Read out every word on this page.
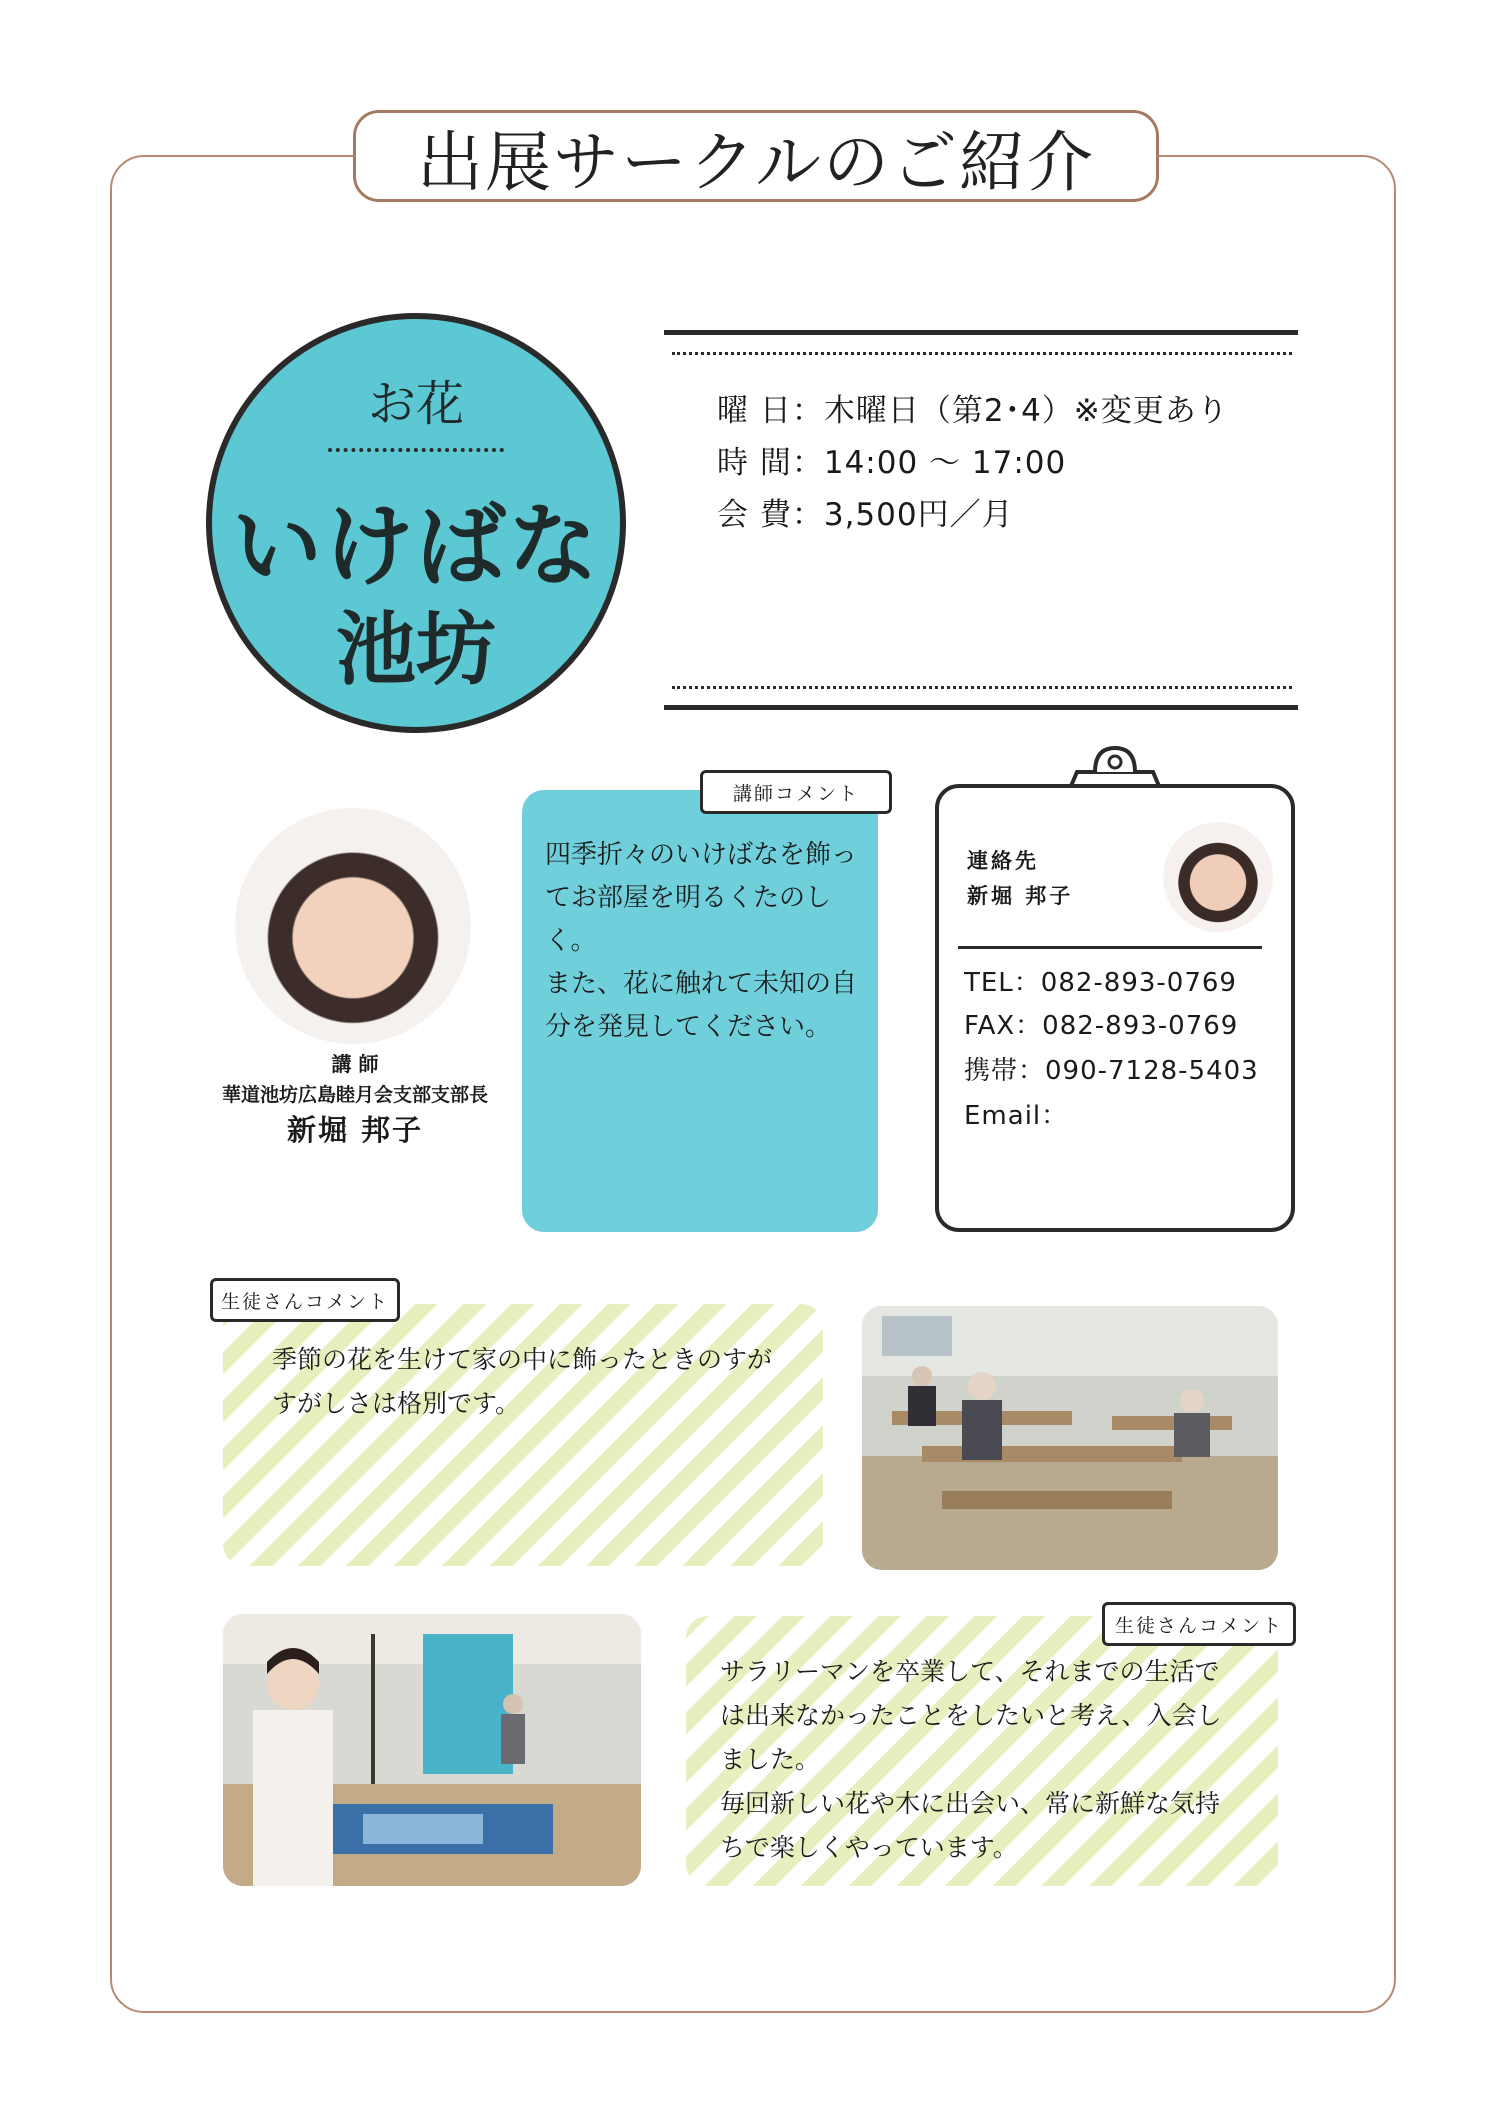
出展サークルのご紹介
お花
いけばな
池坊
曜 日：木曜日（第2･4）※変更あり
時 間：14:00 ～ 17:00
会 費：3,500円／月
講 師
華道池坊広島睦月会支部支部長
新堀 邦子
講師コメント
四季折々のいけばなを飾っ
てお部屋を明るくたのし
く。
また、花に触れて未知の自
分を発見してください。
連絡先
新堀 邦子
TEL：082-893-0769
FAX：082-893-0769
携帯：090-7128-5403
Email：
生徒さんコメント
季節の花を生けて家の中に飾ったときのすが
すがしさは格別です。
生徒さんコメント
サラリーマンを卒業して、それまでの生活で
は出来なかったことをしたいと考え、入会し
ました。
毎回新しい花や木に出会い、常に新鮮な気持
ちで楽しくやっています。
